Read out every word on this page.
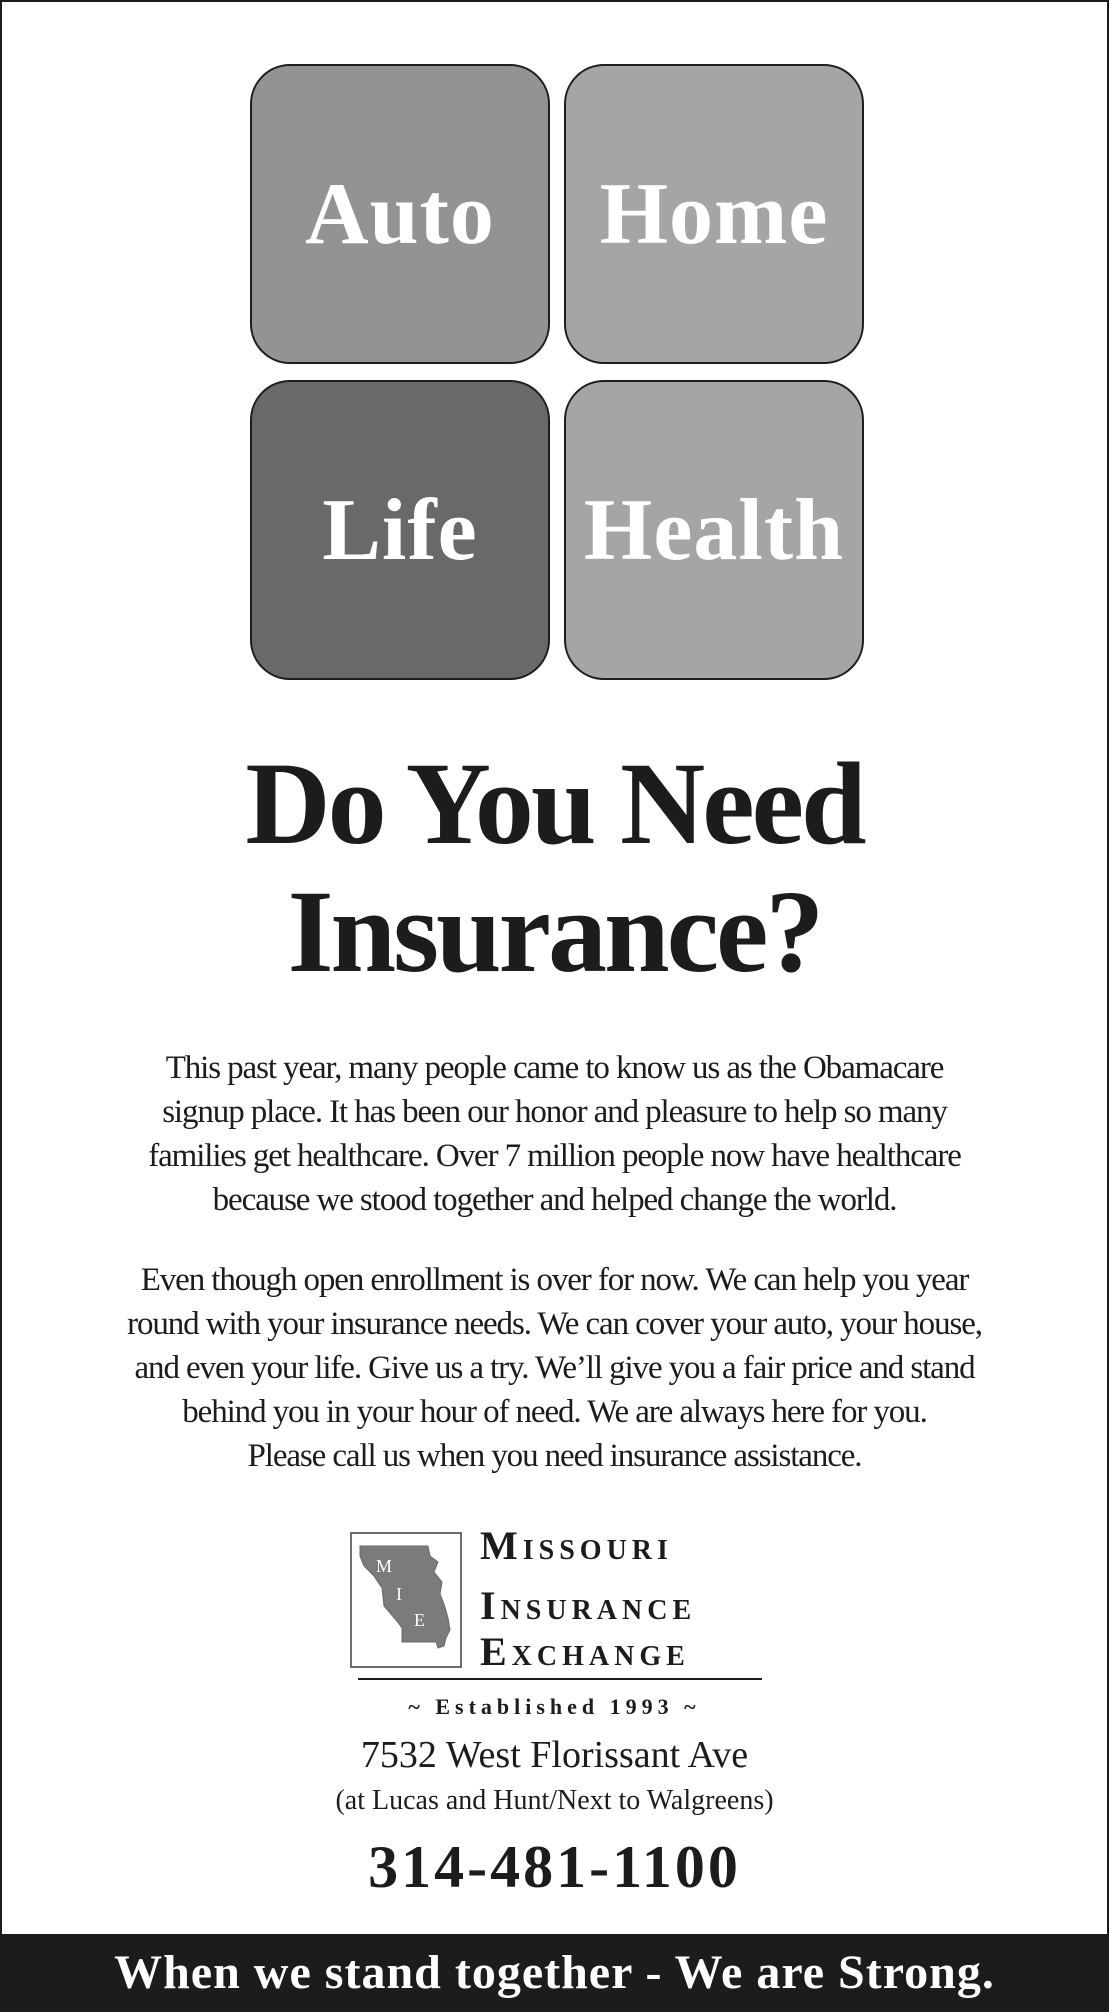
Auto Home
Life Health
Do You Need
Insurance?
This past year, many people came to know us as the Obamacare
signup place. It has been our honor and pleasure to help so many
families get healthcare. Over 7 million people now have healthcare
because we stood together and helped change the world.
Even though open enrollment is over for now. We can help you year
round with your insurance needs. We can cover your auto, your house,
and even your life. Give us a try. We’ll give you a fair price and stand
behind you in your hour of need. We are always here for you.
Please call us when you need insurance assistance.
M
I
E
Missouri
Insurance
Exchange
~ Established 1993 ~
7532 West Florissant Ave
(at Lucas and Hunt/Next to Walgreens)
314-481-1100
When we stand together - We are Strong.
